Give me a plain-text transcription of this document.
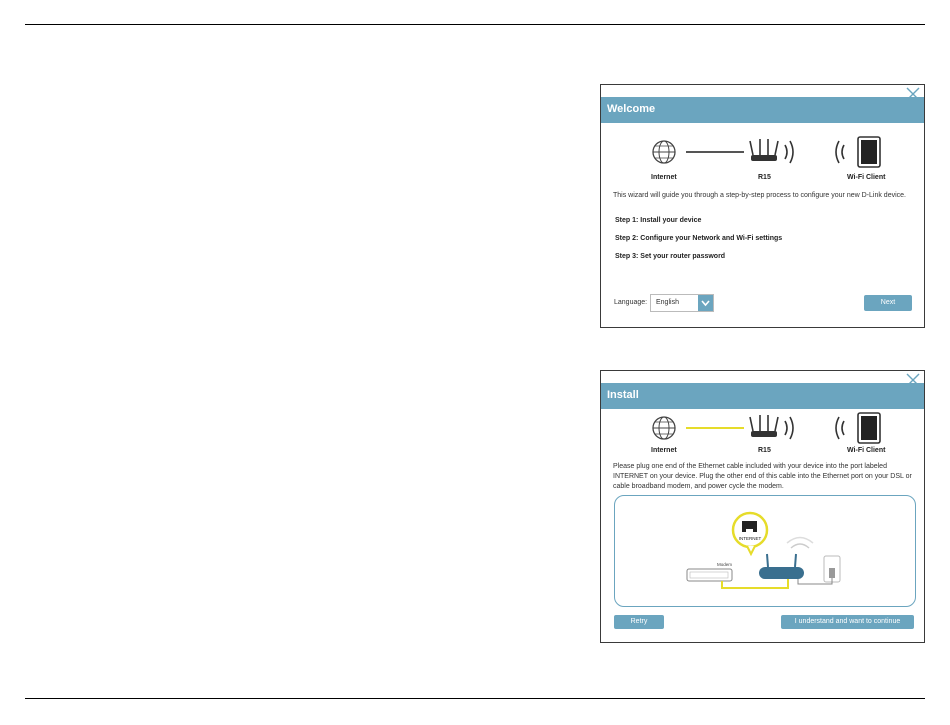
Welcome
Internet	R15	Wi-Fi Client
This wizard will guide you through a step-by-step process to configure your new D-Link device.
Step 1: Install your device
Step 2: Configure your Network and Wi-Fi settings
Step 3: Set your router password
Language: English	Next
Install
Internet	R15	Wi-Fi Client
Please plug one end of the Ethernet cable included with your device into the port labeled INTERNET on your device. Plug the other end of this cable into the Ethernet port on your DSL or cable broadband modem, and power cycle the modem.
INTERNET
Modem
Retry	I understand and want to continue
